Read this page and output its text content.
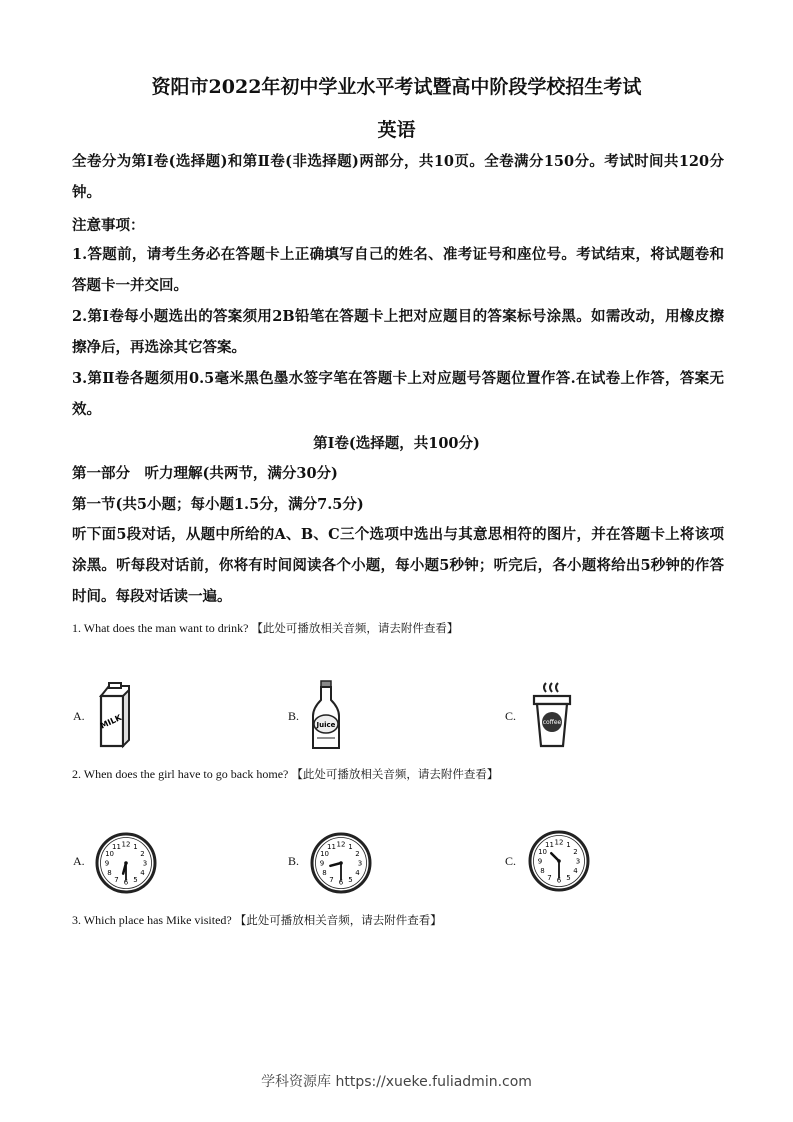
资阳市2022年初中学业水平考试暨高中阶段学校招生考试
英语
全卷分为第Ⅰ卷(选择题)和第Ⅱ卷(非选择题)两部分，共10页。全卷满分150分。考试时间共120分钟。
注意事项：
1.答题前，请考生务必在答题卡上正确填写自己的姓名、准考证号和座位号。考试结束，将试题卷和答题卡一并交回。
2.第Ⅰ卷每小题选出的答案须用2B铅笔在答题卡上把对应题目的答案标号涂黑。如需改动，用橡皮擦擦净后，再选涂其它答案。
3.第Ⅱ卷各题须用0.5毫米黑色墨水签字笔在答题卡上对应题号答题位置作答.在试卷上作答，答案无效。
第Ⅰ卷(选择题，共100分)
第一部分　听力理解(共两节，满分30分)
第一节(共5小题；每小题1.5分，满分7.5分)
听下面5段对话，从题中所给的A、B、C三个选项中选出与其意思相符的图片，并在答题卡上将该项涂黑。听每段对话前，你将有时间阅读各个小题，每小题5秒钟；听完后，各小题将给出5秒钟的作答时间。每段对话读一遍。
1. What does the man want to drink? 【此处可播放相关音频，请去附件查看】
A. MILK	B.
Juice
C.	coffee
2. When does the girl have to go back home? 【此处可播放相关音频，请去附件查看】
A.
12 1
2
3
4
5
6
7
8
9
10
11
B.
12 1
2
3
4
5
6
7
8
9
10
11
C.
12 1
2
3
4
5
6
7
8
9
10
11
3. Which place has Mike visited? 【此处可播放相关音频，请去附件查看】
学科资源库 https://xueke.fuliadmin.com
